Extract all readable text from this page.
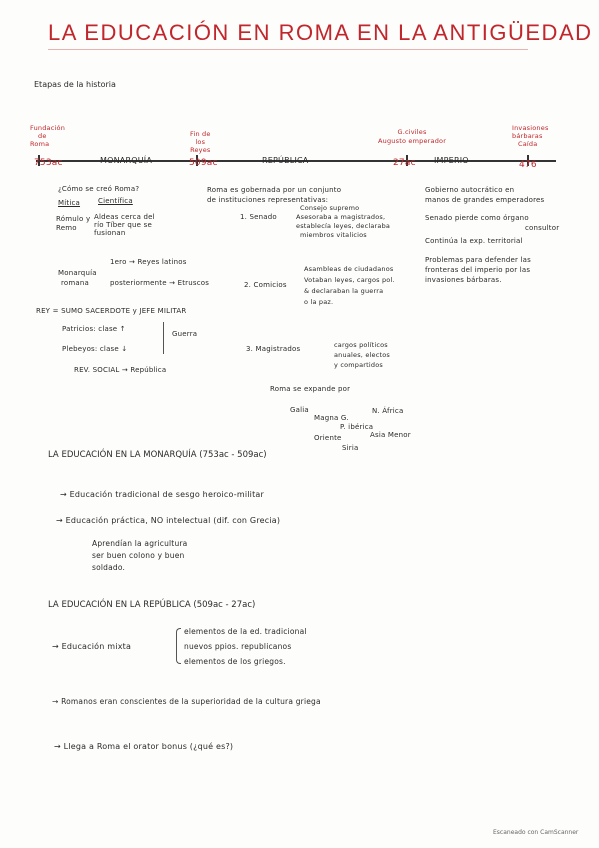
LA EDUCACIÓN EN ROMA EN LA ANTIGÜEDAD
Etapas de la historia
Fundación
de
Roma
Fin de
los
Reyes
G.civiles
Augusto emperador
Invasiones
bárbaras
Caída
753ac	MONARQUÍA	509ac	REPÚBLICA	27ac IMPERIO	476
¿Cómo se creó Roma?
Mítica	Científica
Rómulo y
Remo
Aldeas cerca del
río Tíber que se
fusionan
Monarquía
romana
1ero → Reyes latinos
posteriormente → Etruscos
REY = SUMO SACERDOTE y JEFE MILITAR
Patricios: clase ↑
Plebeyos: clase ↓
Guerra
REV. SOCIAL → República
Roma es gobernada por un conjunto
de instituciones representativas:
1. Senado
Consejo supremo
Asesoraba a magistrados,
establecía leyes, declaraba
miembros vitalicios
2. Comicios
Asambleas de ciudadanos
Votaban leyes, cargos pol.
& declaraban la guerra
o la paz.
3. Magistrados	cargos políticos
anuales, electos
y compartidos
Roma se expande por
Galia
Magna G.
N. África
P. ibérica
Oriente	Asia Menor
Siria
Gobierno autocrático en
manos de grandes emperadores
Senado pierde como órgano
consultor
Continúa la exp. territorial
Problemas para defender las
fronteras del imperio por las
invasiones bárbaras.
LA EDUCACIÓN EN LA MONARQUÍA (753ac - 509ac)
→ Educación tradicional de sesgo heroico-militar
→ Educación práctica, NO intelectual (dif. con Grecia)
Aprendían la agricultura
ser buen colono y buen
soldado.
LA EDUCACIÓN EN LA REPÚBLICA (509ac - 27ac)
→ Educación mixta
elementos de la ed. tradicional
nuevos ppios. republicanos
elementos de los griegos.
→ Romanos eran conscientes de la superioridad de la cultura griega
→ Llega a Roma el orator bonus (¿qué es?)
Escaneado con CamScanner
